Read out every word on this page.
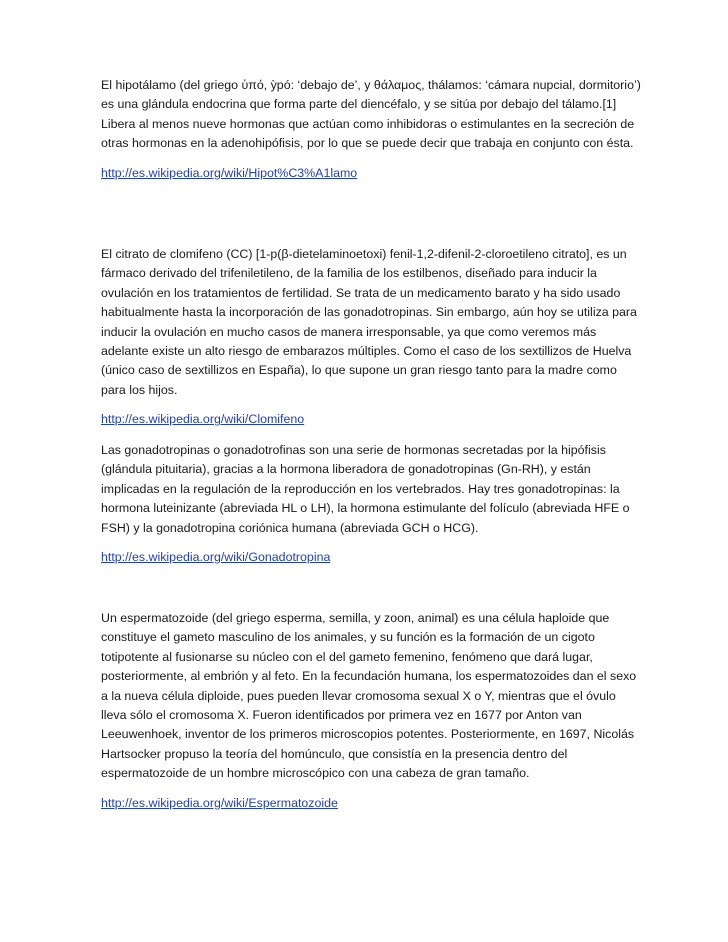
El hipotálamo (del griego ὑπό, ỳpó: ‘debajo de’, y θάλαμος, thálamos: ‘cámara nupcial, dormitorio’) es una glándula endocrina que forma parte del diencéfalo, y se sitúa por debajo del tálamo.[1] Libera al menos nueve hormonas que actúan como inhibidoras o estimulantes en la secreción de otras hormonas en la adenohipófisis, por lo que se puede decir que trabaja en conjunto con ésta.

http://es.wikipedia.org/wiki/Hipot%C3%A1lamo

El citrato de clomifeno (CC) [1-p(β-dietelaminoetoxi) fenil-1,2-difenil-2-cloroetileno citrato], es un fármaco derivado del trifeniletileno, de la familia de los estilbenos, diseñado para inducir la ovulación en los tratamientos de fertilidad. Se trata de un medicamento barato y ha sido usado habitualmente hasta la incorporación de las gonadotropinas. Sin embargo, aún hoy se utiliza para inducir la ovulación en mucho casos de manera irresponsable, ya que como veremos más adelante existe un alto riesgo de embarazos múltiples. Como el caso de los sextillizos de Huelva (único caso de sextillizos en España), lo que supone un gran riesgo tanto para la madre como para los hijos.

http://es.wikipedia.org/wiki/Clomifeno

Las gonadotropinas o gonadotrofinas son una serie de hormonas secretadas por la hipófisis (glándula pituitaria), gracias a la hormona liberadora de gonadotropinas (Gn-RH), y están implicadas en la regulación de la reproducción en los vertebrados. Hay tres gonadotropinas: la hormona luteinizante (abreviada HL o LH), la hormona estimulante del folículo (abreviada HFE o FSH) y la gonadotropina coriónica humana (abreviada GCH o HCG).

http://es.wikipedia.org/wiki/Gonadotropina

Un espermatozoide (del griego esperma, semilla, y zoon, animal) es una célula haploide que constituye el gameto masculino de los animales, y su función es la formación de un cigoto totipotente al fusionarse su núcleo con el del gameto femenino, fenómeno que dará lugar, posteriormente, al embrión y al feto. En la fecundación humana, los espermatozoides dan el sexo a la nueva célula diploide, pues pueden llevar cromosoma sexual X o Y, mientras que el óvulo lleva sólo el cromosoma X. Fueron identificados por primera vez en 1677 por Anton van Leeuwenhoek, inventor de los primeros microscopios potentes. Posteriormente, en 1697, Nicolás Hartsocker propuso la teoría del homúnculo, que consistía en la presencia dentro del espermatozoide de un hombre microscópico con una cabeza de gran tamaño.

http://es.wikipedia.org/wiki/Espermatozoide
